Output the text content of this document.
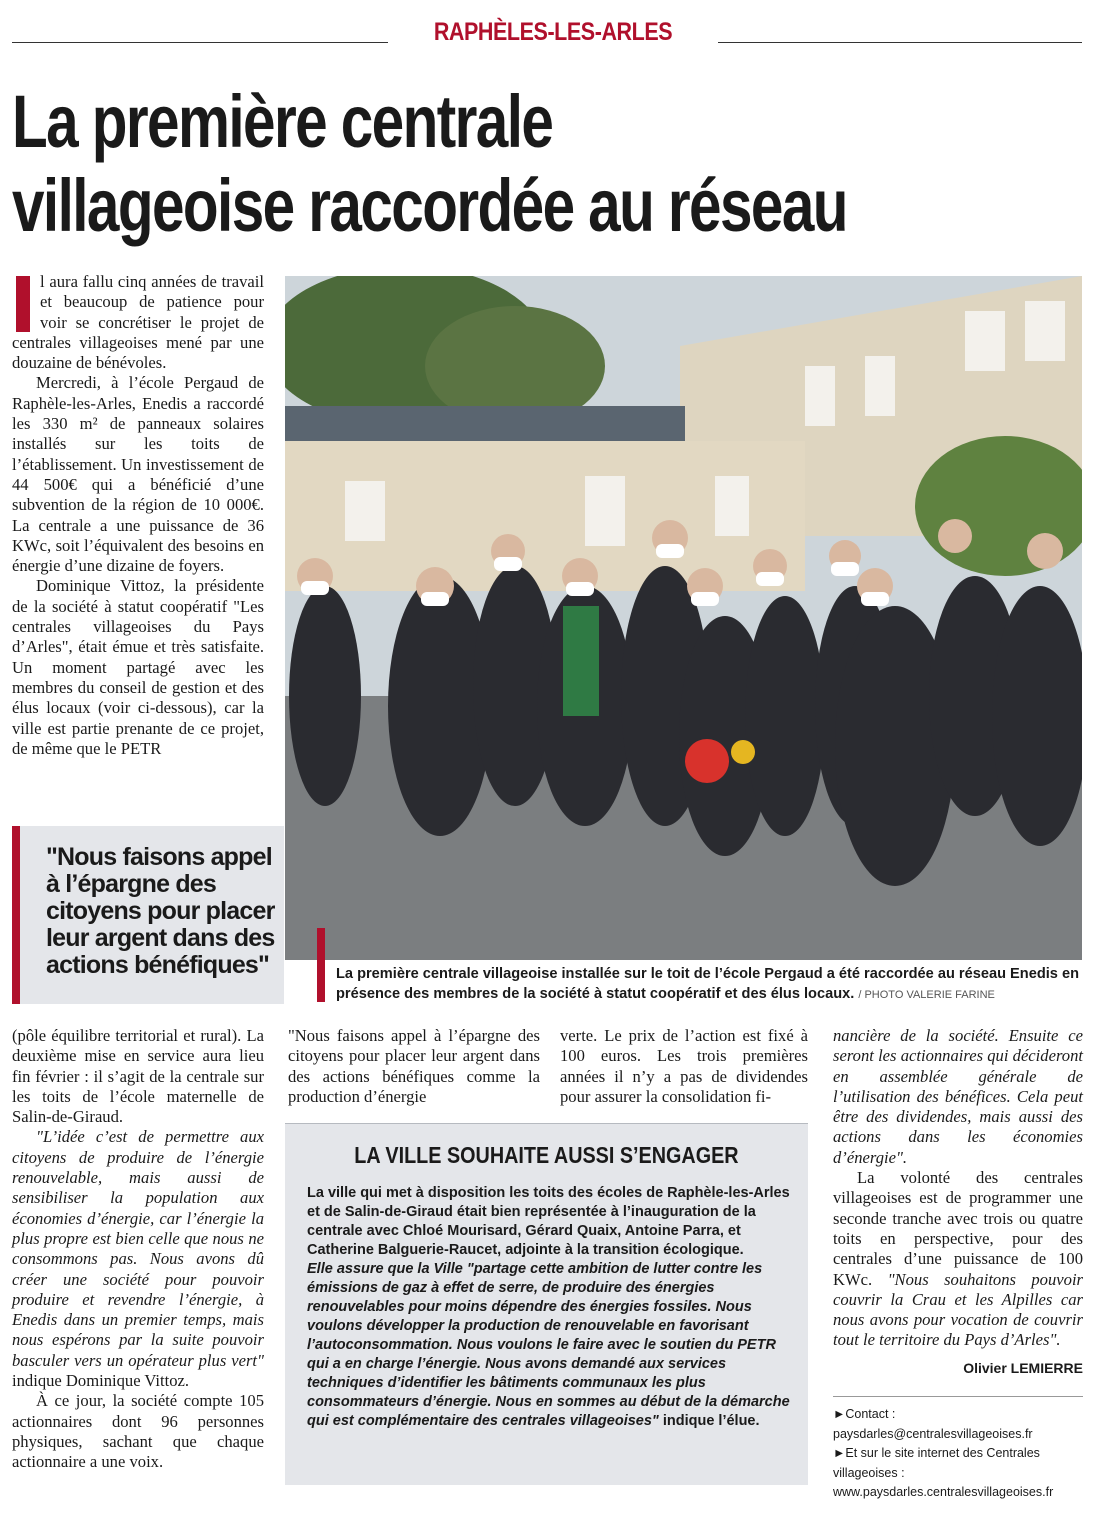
RAPHÈLES-LES-ARLES
La première centrale
villageoise raccordée au réseau

l aura fallu cinq années de travail et beaucoup de patience pour voir se concrétiser le projet de centrales villageoises mené par une douzaine de bénévoles.

Mercredi, à l’école Pergaud de Raphèle-les-Arles, Enedis a raccordé les 330 m² de panneaux solaires installés sur les toits de l’établissement. Un investissement de 44 500€ qui a bénéficié d’une subvention de la région de 10 000€. La centrale a une puissance de 36 KWc, soit l’équivalent des besoins en énergie d’une dizaine de foyers.

Dominique Vittoz, la présidente de la société à statut coopératif "Les centrales villageoises du Pays d’Arles", était émue et très satisfaite. Un moment partagé avec les membres du conseil de gestion et des élus locaux (voir ci-dessous), car la ville est partie prenante de ce projet, de même que le PETR

La première centrale villageoise installée sur le toit de l’école Pergaud a été raccordée au réseau Enedis en présence des membres de la société à statut coopératif et des élus locaux. / PHOTO VALERIE FARINE
"Nous faisons appel à l’épargne des citoyens pour placer leur argent dans des actions bénéfiques"

(pôle équilibre territorial et rural). La deuxième mise en service aura lieu fin février : il s’agit de la centrale sur les toits de l’école maternelle de Salin-de-Giraud.

"L’idée c’est de permettre aux citoyens de produire de l’énergie renouvelable, mais aussi de sensibiliser la population aux économies d’énergie, car l’énergie la plus propre est bien celle que nous ne consommons pas. Nous avons dû créer une société pour pouvoir produire et revendre l’énergie, à Enedis dans un premier temps, mais nous espérons par la suite pouvoir basculer vers un opérateur plus vert" indique Dominique Vittoz.

À ce jour, la société compte 105 actionnaires dont 96 personnes physiques, sachant que chaque actionnaire a une voix.

"Nous faisons appel à l’épargne des citoyens pour placer leur argent dans des actions bénéfiques comme la production d’énergie

verte. Le prix de l’action est fixé à 100 euros. Les trois premières années il n’y a pas de dividendes pour assurer la consolidation fi-

nancière de la société. Ensuite ce seront les actionnaires qui décideront en assemblée générale de l’utilisation des bénéfices. Cela peut être des dividendes, mais aussi des actions dans les économies d’énergie".

La volonté des centrales villageoises est de programmer une seconde tranche avec trois ou quatre toits en perspective, pour des centrales d’une puissance de 100 KWc. "Nous souhaitons pouvoir couvrir la Crau et les Alpilles car nous avons pour vocation de couvrir tout le territoire du Pays d’Arles".

Olivier LEMIERRE
LA VILLE SOUHAITE AUSSI S’ENGAGER

La ville qui met à disposition les toits des écoles de Raphèle-les-Arles et de Salin-de-Giraud était bien représentée à l’inauguration de la centrale avec Chloé Mourisard, Gérard Quaix, Antoine Parra, et Catherine Balguerie-Raucet, adjointe à la transition écologique.

Elle assure que la Ville "partage cette ambition de lutter contre les émissions de gaz à effet de serre, de produire des énergies renouvelables pour moins dépendre des énergies fossiles. Nous voulons développer la production de renouvelable en favorisant l’autoconsommation. Nous voulons le faire avec le soutien du PETR qui a en charge l’énergie. Nous avons demandé aux services techniques d’identifier les bâtiments communaux les plus consommateurs d’énergie. Nous en sommes au début de la démarche qui est complémentaire des centrales villageoises" indique l’élue.	►Contact : paysdarles@centralesvillageoises.fr

►Et sur le site internet des Centrales villageoises : www.paysdarles.centralesvillageoises.fr
